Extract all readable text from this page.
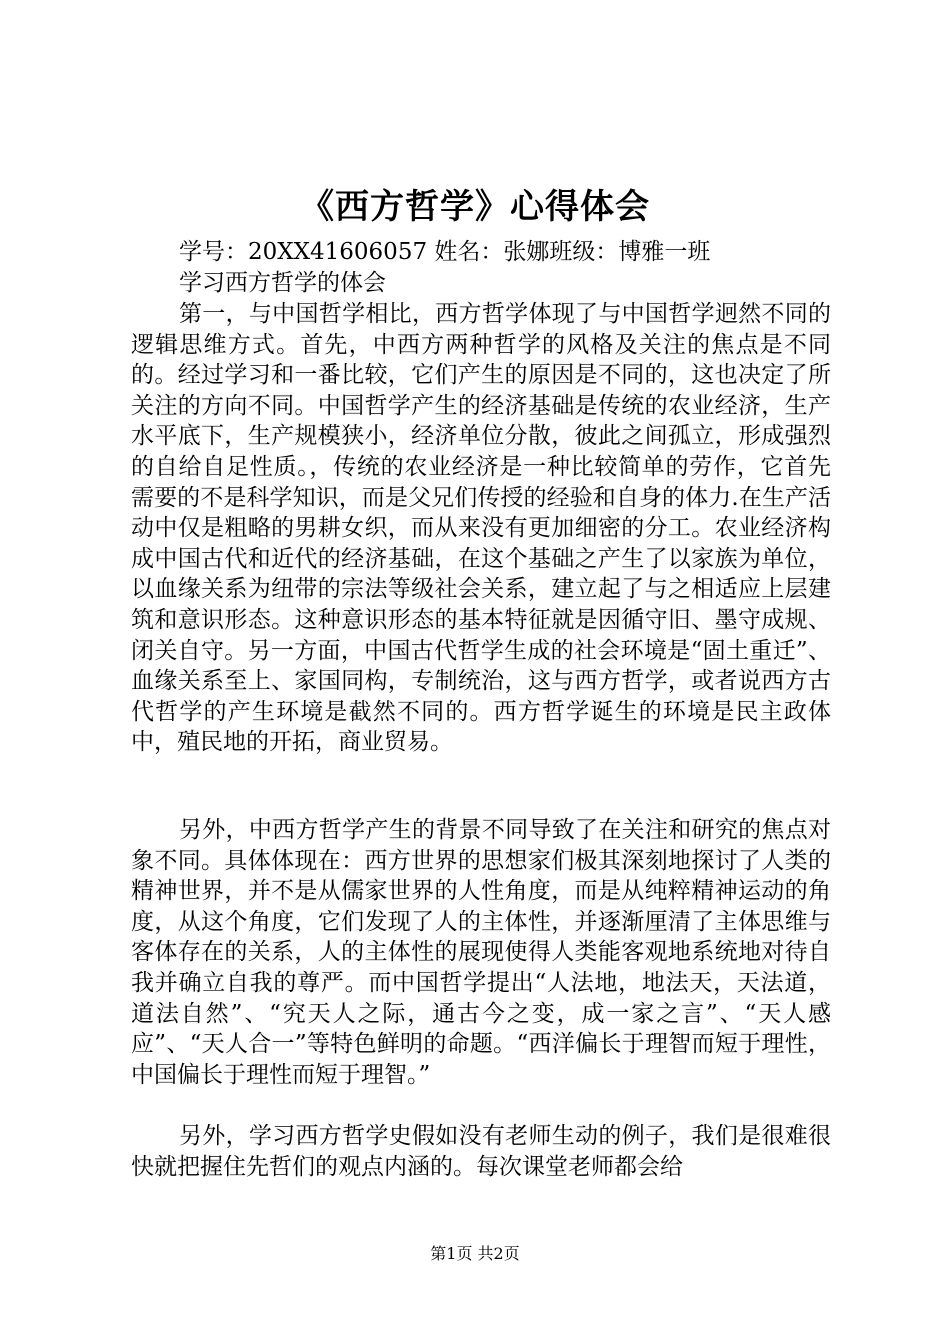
《西方哲学》心得体会

学号：20XX41606057 姓名：张娜班级：博雅一班

学习西方哲学的体会

第一，与中国哲学相比，西方哲学体现了与中国哲学迥然不同的逻辑思维方式。首先，中西方两种哲学的风格及关注的焦点是不同的。经过学习和一番比较，它们产生的原因是不同的，这也决定了所关注的方向不同。中国哲学产生的经济基础是传统的农业经济，生产水平底下，生产规模狭小，经济单位分散，彼此之间孤立，形成强烈的自给自足性质。，传统的农业经济是一种比较简单的劳作，它首先需要的不是科学知识，而是父兄们传授的经验和自身的体力.在生产活动中仅是粗略的男耕女织，而从来没有更加细密的分工。农业经济构成中国古代和近代的经济基础，在这个基础之产生了以家族为单位，以血缘关系为纽带的宗法等级社会关系，建立起了与之相适应上层建筑和意识形态。这种意识形态的基本特征就是因循守旧、墨守成规、闭关自守。另一方面，中国古代哲学生成的社会环境是“固土重迁”、血缘关系至上、家国同构，专制统治，这与西方哲学，或者说西方古代哲学的产生环境是截然不同的。西方哲学诞生的环境是民主政体中，殖民地的开拓，商业贸易。

另外，中西方哲学产生的背景不同导致了在关注和研究的焦点对象不同。具体体现在：西方世界的思想家们极其深刻地探讨了人类的精神世界，并不是从儒家世界的人性角度，而是从纯粹精神运动的角度，从这个角度，它们发现了人的主体性，并逐渐厘清了主体思维与客体存在的关系，人的主体性的展现使得人类能客观地系统地对待自我并确立自我的尊严。而中国哲学提出“人法地，地法天，天法道，道法自然”、“究天人之际，通古今之变，成一家之言”、“天人感应”、“天人合一”等特色鲜明的命题。“西洋偏长于理智而短于理性，中国偏长于理性而短于理智。”

另外，学习西方哲学史假如没有老师生动的例子，我们是很难很快就把握住先哲们的观点内涵的。每次课堂老师都会给

第1页 共2页
